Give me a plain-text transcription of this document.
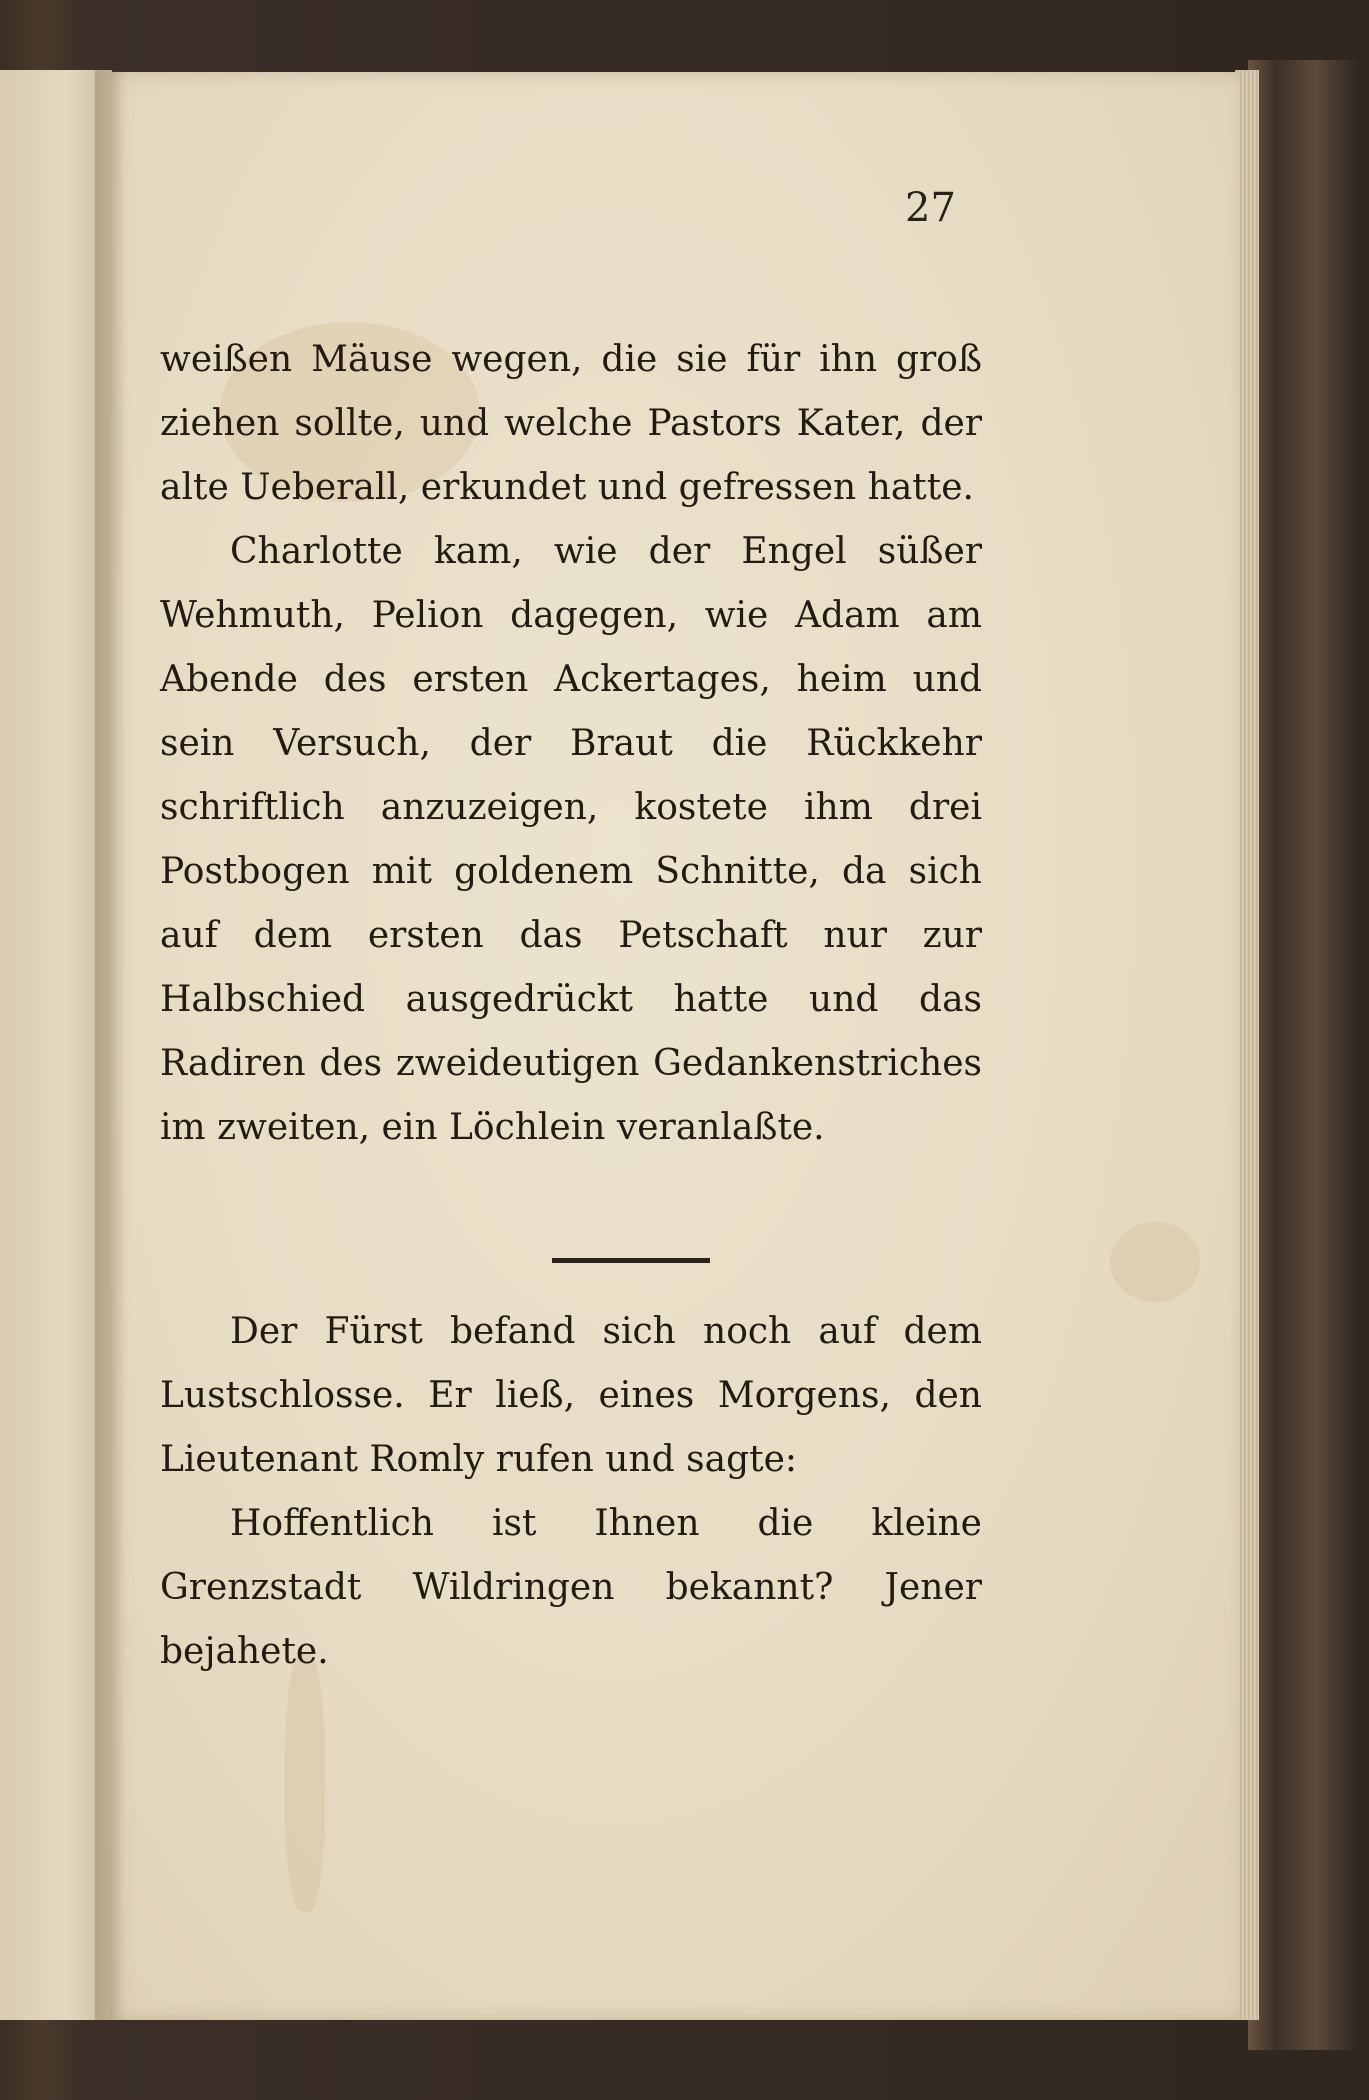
27

weißen Mäuse wegen, die sie für ihn groß ziehen sollte, und welche Pastors Kater, der alte Ueberall, erkundet und gefressen hatte.

Charlotte kam, wie der Engel süßer Wehmuth, Pelion dagegen, wie Adam am Abende des ersten Ackertages, heim und sein Versuch, der Braut die Rückkehr schriftlich anzuzeigen, kostete ihm drei Postbogen mit goldenem Schnitte, da sich auf dem ersten das Petschaft nur zur Halbschied ausgedrückt hatte und das Radiren des zweideutigen Gedankenstriches im zweiten, ein Löchlein veranlaßte.

Der Fürst befand sich noch auf dem Lustschlosse. Er ließ, eines Morgens, den Lieutenant Romly rufen und sagte:

Hoffentlich ist Ihnen die kleine Grenzstadt Wildringen bekannt? Jener bejahete.
